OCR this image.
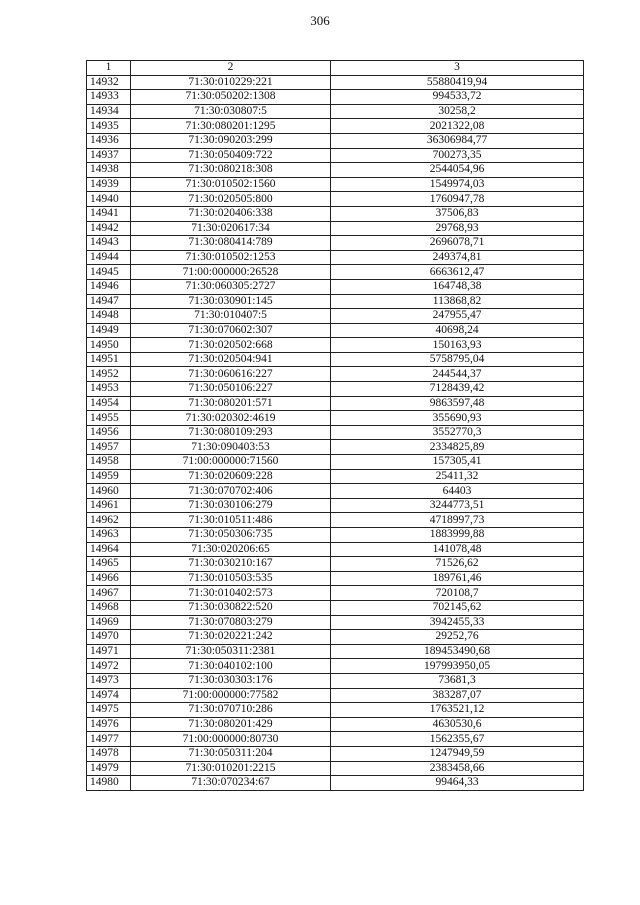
306
1	2	3
14932	71:30:010229:221	55880419,94
14933	71:30:050202:1308	994533,72
14934	71:30:030807:5	30258,2
14935	71:30:080201:1295	2021322,08
14936	71:30:090203:299	36306984,77
14937	71:30:050409:722	700273,35
14938	71:30:080218:308	2544054,96
14939	71:30:010502:1560	1549974,03
14940	71:30:020505:800	1760947,78
14941	71:30:020406:338	37506,83
14942	71:30:020617:34	29768,93
14943	71:30:080414:789	2696078,71
14944	71:30:010502:1253	249374,81
14945	71:00:000000:26528	6663612,47
14946	71:30:060305:2727	164748,38
14947	71:30:030901:145	113868,82
14948	71:30:010407:5	247955,47
14949	71:30:070602:307	40698,24
14950	71:30:020502:668	150163,93
14951	71:30:020504:941	5758795,04
14952	71:30:060616:227	244544,37
14953	71:30:050106:227	7128439,42
14954	71:30:080201:571	9863597,48
14955	71:30:020302:4619	355690,93
14956	71:30:080109:293	3552770,3
14957	71:30:090403:53	2334825,89
14958	71:00:000000:71560	157305,41
14959	71:30:020609:228	25411,32
14960	71:30:070702:406	64403
14961	71:30:030106:279	3244773,51
14962	71:30:010511:486	4718997,73
14963	71:30:050306:735	1883999,88
14964	71:30:020206:65	141078,48
14965	71:30:030210:167	71526,62
14966	71:30:010503:535	189761,46
14967	71:30:010402:573	720108,7
14968	71:30:030822:520	702145,62
14969	71:30:070803:279	3942455,33
14970	71:30:020221:242	29252,76
14971	71:30:050311:2381	189453490,68
14972	71:30:040102:100	197993950,05
14973	71:30:030303:176	73681,3
14974	71:00:000000:77582	383287,07
14975	71:30:070710:286	1763521,12
14976	71:30:080201:429	4630530,6
14977	71:00:000000:80730	1562355,67
14978	71:30:050311:204	1247949,59
14979	71:30:010201:2215	2383458,66
14980	71:30:070234:67	99464,33
